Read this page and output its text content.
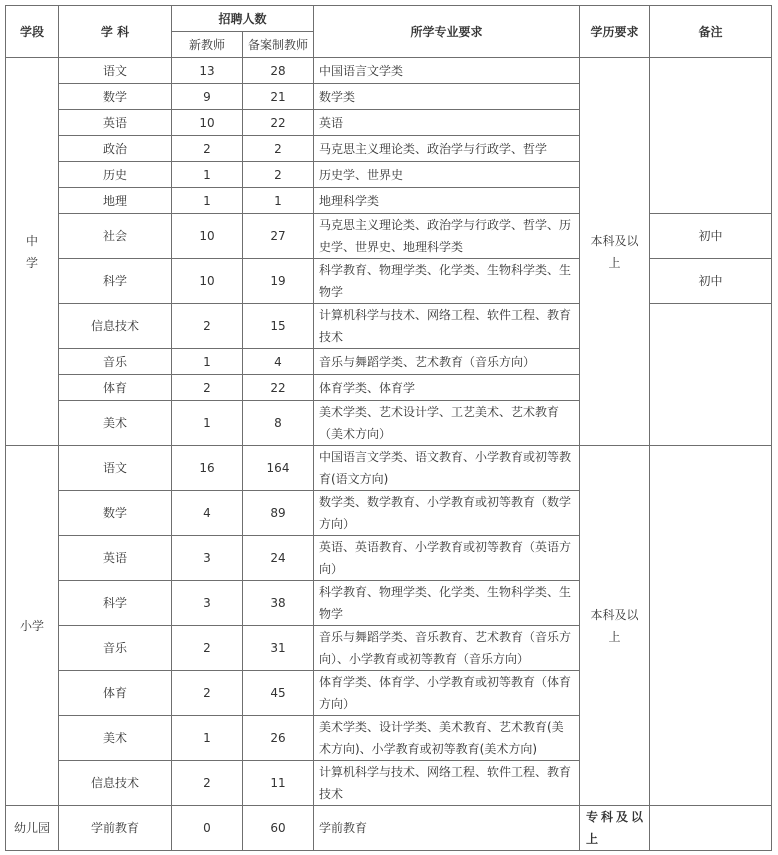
学段	学 科	招聘人数		所学专业要求	学历要求	备注
		新教师	备案制教师			
中
学	语文	13	28	中国语言文学类	本科及以上	
	数学	9	21	数学类		
	英语	10	22	英语		
	政治	2	2	马克思主义理论类、政治学与行政学、哲学		
	历史	1	2	历史学、世界史		
	地理	1	1	地理科学类		
	社会	10	27	马克思主义理论类、政治学与行政学、哲学、历史学、世界史、地理科学类		初中
	科学	10	19	科学教育、物理学类、化学类、生物科学类、生物学		初中
	信息技术	2	15	计算机科学与技术、网络工程、软件工程、教育技术		
	音乐	1	4	音乐与舞蹈学类、艺术教育（音乐方向）		
	体育	2	22	体育学类、体育学		
	美术	1	8	美术学类、艺术设计学、工艺美术、艺术教育（美术方向）		
小学	语文	16	164	中国语言文学类、语文教育、小学教育或初等教育(语文方向)	本科及以上	
	数学	4	89	数学类、数学教育、小学教育或初等教育（数学方向）		
	英语	3	24	英语、英语教育、小学教育或初等教育（英语方向）		
	科学	3	38	科学教育、物理学类、化学类、生物科学类、生物学		
	音乐	2	31	音乐与舞蹈学类、音乐教育、艺术教育（音乐方向）、小学教育或初等教育（音乐方向）		
	体育	2	45	体育学类、体育学、小学教育或初等教育（体育方向）		
	美术	1	26	美术学类、设计学类、美术教育、艺术教育(美术方向)、小学教育或初等教育(美术方向)		
	信息技术	2	11	计算机科学与技术、网络工程、软件工程、教育技术		
幼儿园	学前教育	0	60	学前教育	专科及以上	
